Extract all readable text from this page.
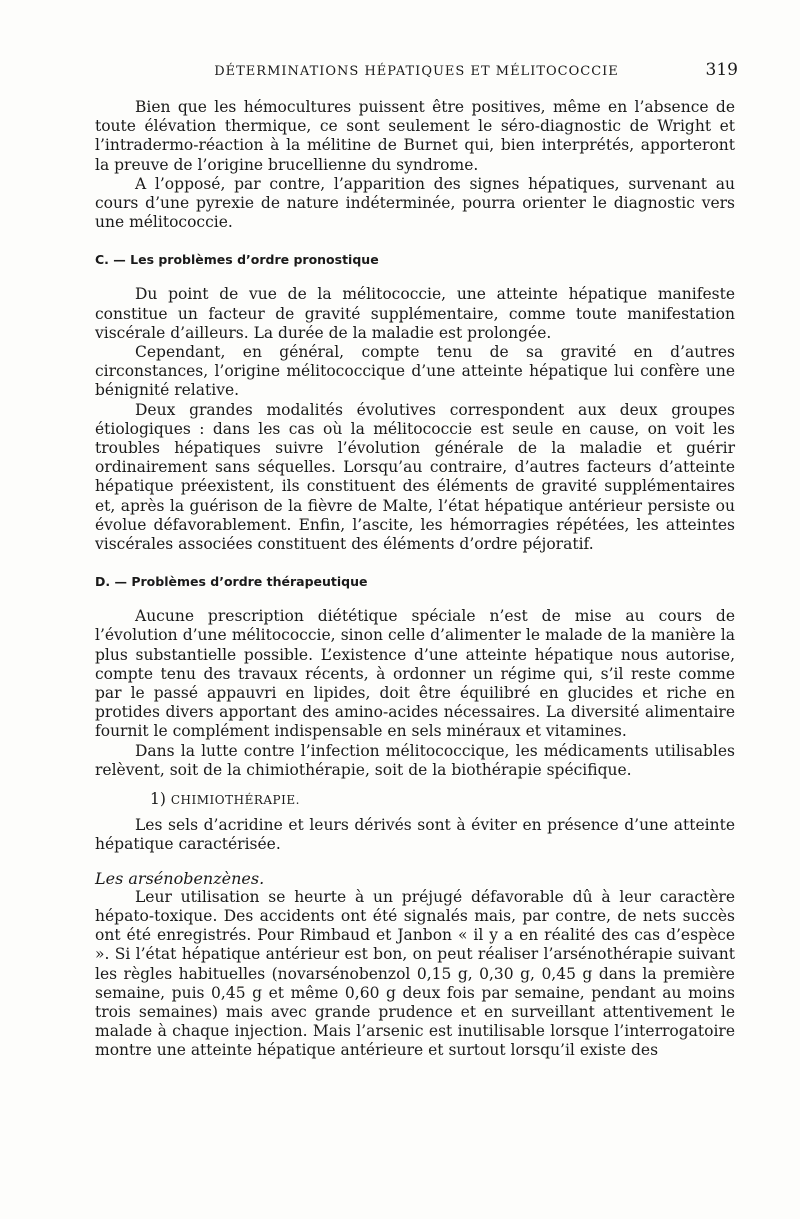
DÉTERMINATIONS HÉPATIQUES ET MÉLITOCOCCIE	319

Bien que les hémocultures puissent être positives, même en l’absence de toute élévation thermique, ce sont seulement le séro-diagnostic de Wright et l’intradermo-réaction à la mélitine de Burnet qui, bien interprétés, apporteront la preuve de l’origine brucellienne du syndrome.

A l’opposé, par contre, l’apparition des signes hépatiques, survenant au cours d’une pyrexie de nature indéterminée, pourra orienter le diagnostic vers une mélitococcie.

C. — Les problèmes d’ordre pronostique

Du point de vue de la mélitococcie, une atteinte hépatique manifeste constitue un facteur de gravité supplémentaire, comme toute manifestation viscérale d’ailleurs. La durée de la maladie est prolongée.

Cependant, en général, compte tenu de sa gravité en d’autres circonstances, l’origine mélitococcique d’une atteinte hépatique lui confère une bénignité relative.

Deux grandes modalités évolutives correspondent aux deux groupes étiologiques : dans les cas où la mélitococcie est seule en cause, on voit les troubles hépatiques suivre l’évolution générale de la maladie et guérir ordinairement sans séquelles. Lorsqu’au contraire, d’autres facteurs d’atteinte hépatique préexistent, ils constituent des éléments de gravité supplémentaires et, après la guérison de la fièvre de Malte, l’état hépatique antérieur persiste ou évolue défavorablement. Enfin, l’ascite, les hémorragies répétées, les atteintes viscérales associées constituent des éléments d’ordre péjoratif.

D. — Problèmes d’ordre thérapeutique

Aucune prescription diététique spéciale n’est de mise au cours de l’évolution d’une mélitococcie, sinon celle d’alimenter le malade de la manière la plus substantielle possible. L’existence d’une atteinte hépatique nous autorise, compte tenu des travaux récents, à ordonner un régime qui, s’il reste comme par le passé appauvri en lipides, doit être équilibré en glucides et riche en protides divers apportant des amino-acides nécessaires. La diversité alimentaire fournit le complément indispensable en sels minéraux et vitamines.

Dans la lutte contre l’infection mélitococcique, les médicaments utilisables relèvent, soit de la chimiothérapie, soit de la biothérapie spécifique.

1) CHIMIOTHÉRAPIE.

Les sels d’acridine et leurs dérivés sont à éviter en présence d’une atteinte hépatique caractérisée.

Les arsénobenzènes.

Leur utilisation se heurte à un préjugé défavorable dû à leur caractère hépato-toxique. Des accidents ont été signalés mais, par contre, de nets succès ont été enregistrés. Pour Rimbaud et Janbon « il y a en réalité des cas d’espèce ». Si l’état hépatique antérieur est bon, on peut réaliser l’arsénothérapie suivant les règles habituelles (novarsénobenzol 0,15 g, 0,30 g, 0,45 g dans la première semaine, puis 0,45 g et même 0,60 g deux fois par semaine, pendant au moins trois semaines) mais avec grande prudence et en surveillant attentivement le malade à chaque injection. Mais l’arsenic est inutilisable lorsque l’interrogatoire montre une atteinte hépatique antérieure et surtout lorsqu’il existe des
